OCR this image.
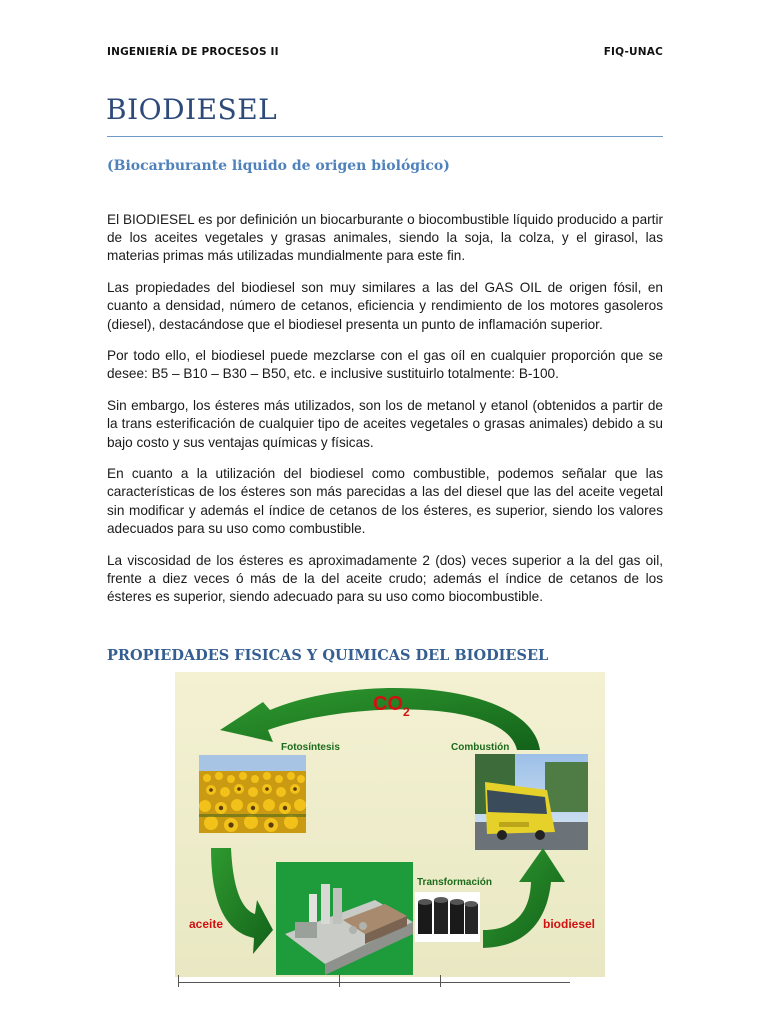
INGENIERÍA DE PROCESOS II	FIQ-UNAC
BIODIESEL
(Biocarburante liquido de origen biológico)

El BIODIESEL es por definición un biocarburante o biocombustible líquido producido a partir de los aceites vegetales y grasas animales, siendo la soja, la colza, y el girasol, las materias primas más utilizadas mundialmente para este fin.

Las propiedades del biodiesel son muy similares a las del GAS OIL de origen fósil, en cuanto a densidad, número de cetanos, eficiencia y rendimiento de los motores gasoleros (diesel), destacándose que el biodiesel presenta un punto de inflamación superior.

Por todo ello, el biodiesel puede mezclarse con el gas oíl en cualquier proporción que se desee: B5 – B10 – B30 – B50, etc. e inclusive sustituirlo totalmente: B-100.

Sin embargo, los ésteres más utilizados, son los de metanol y etanol (obtenidos a partir de la trans esterificación de cualquier tipo de aceites vegetales o grasas animales) debido a su bajo costo y sus ventajas químicas y físicas.

En cuanto a la utilización del biodiesel como combustible, podemos señalar que las características de los ésteres son más parecidas a las del diesel que las del aceite vegetal sin modificar y además el índice de cetanos de los ésteres, es superior, siendo los valores adecuados para su uso como combustible.

La viscosidad de los ésteres es aproximadamente 2 (dos) veces superior a la del gas oil, frente a diez veces ó más de la del aceite crudo; además el índice de cetanos de los ésteres es superior, siendo adecuado para su uso como biocombustible.

PROPIEDADES FISICAS Y QUIMICAS DEL BIODIESEL
$CO_2$
Fotosíntesis	Combustión
Transformación
aceite	biodiesel
